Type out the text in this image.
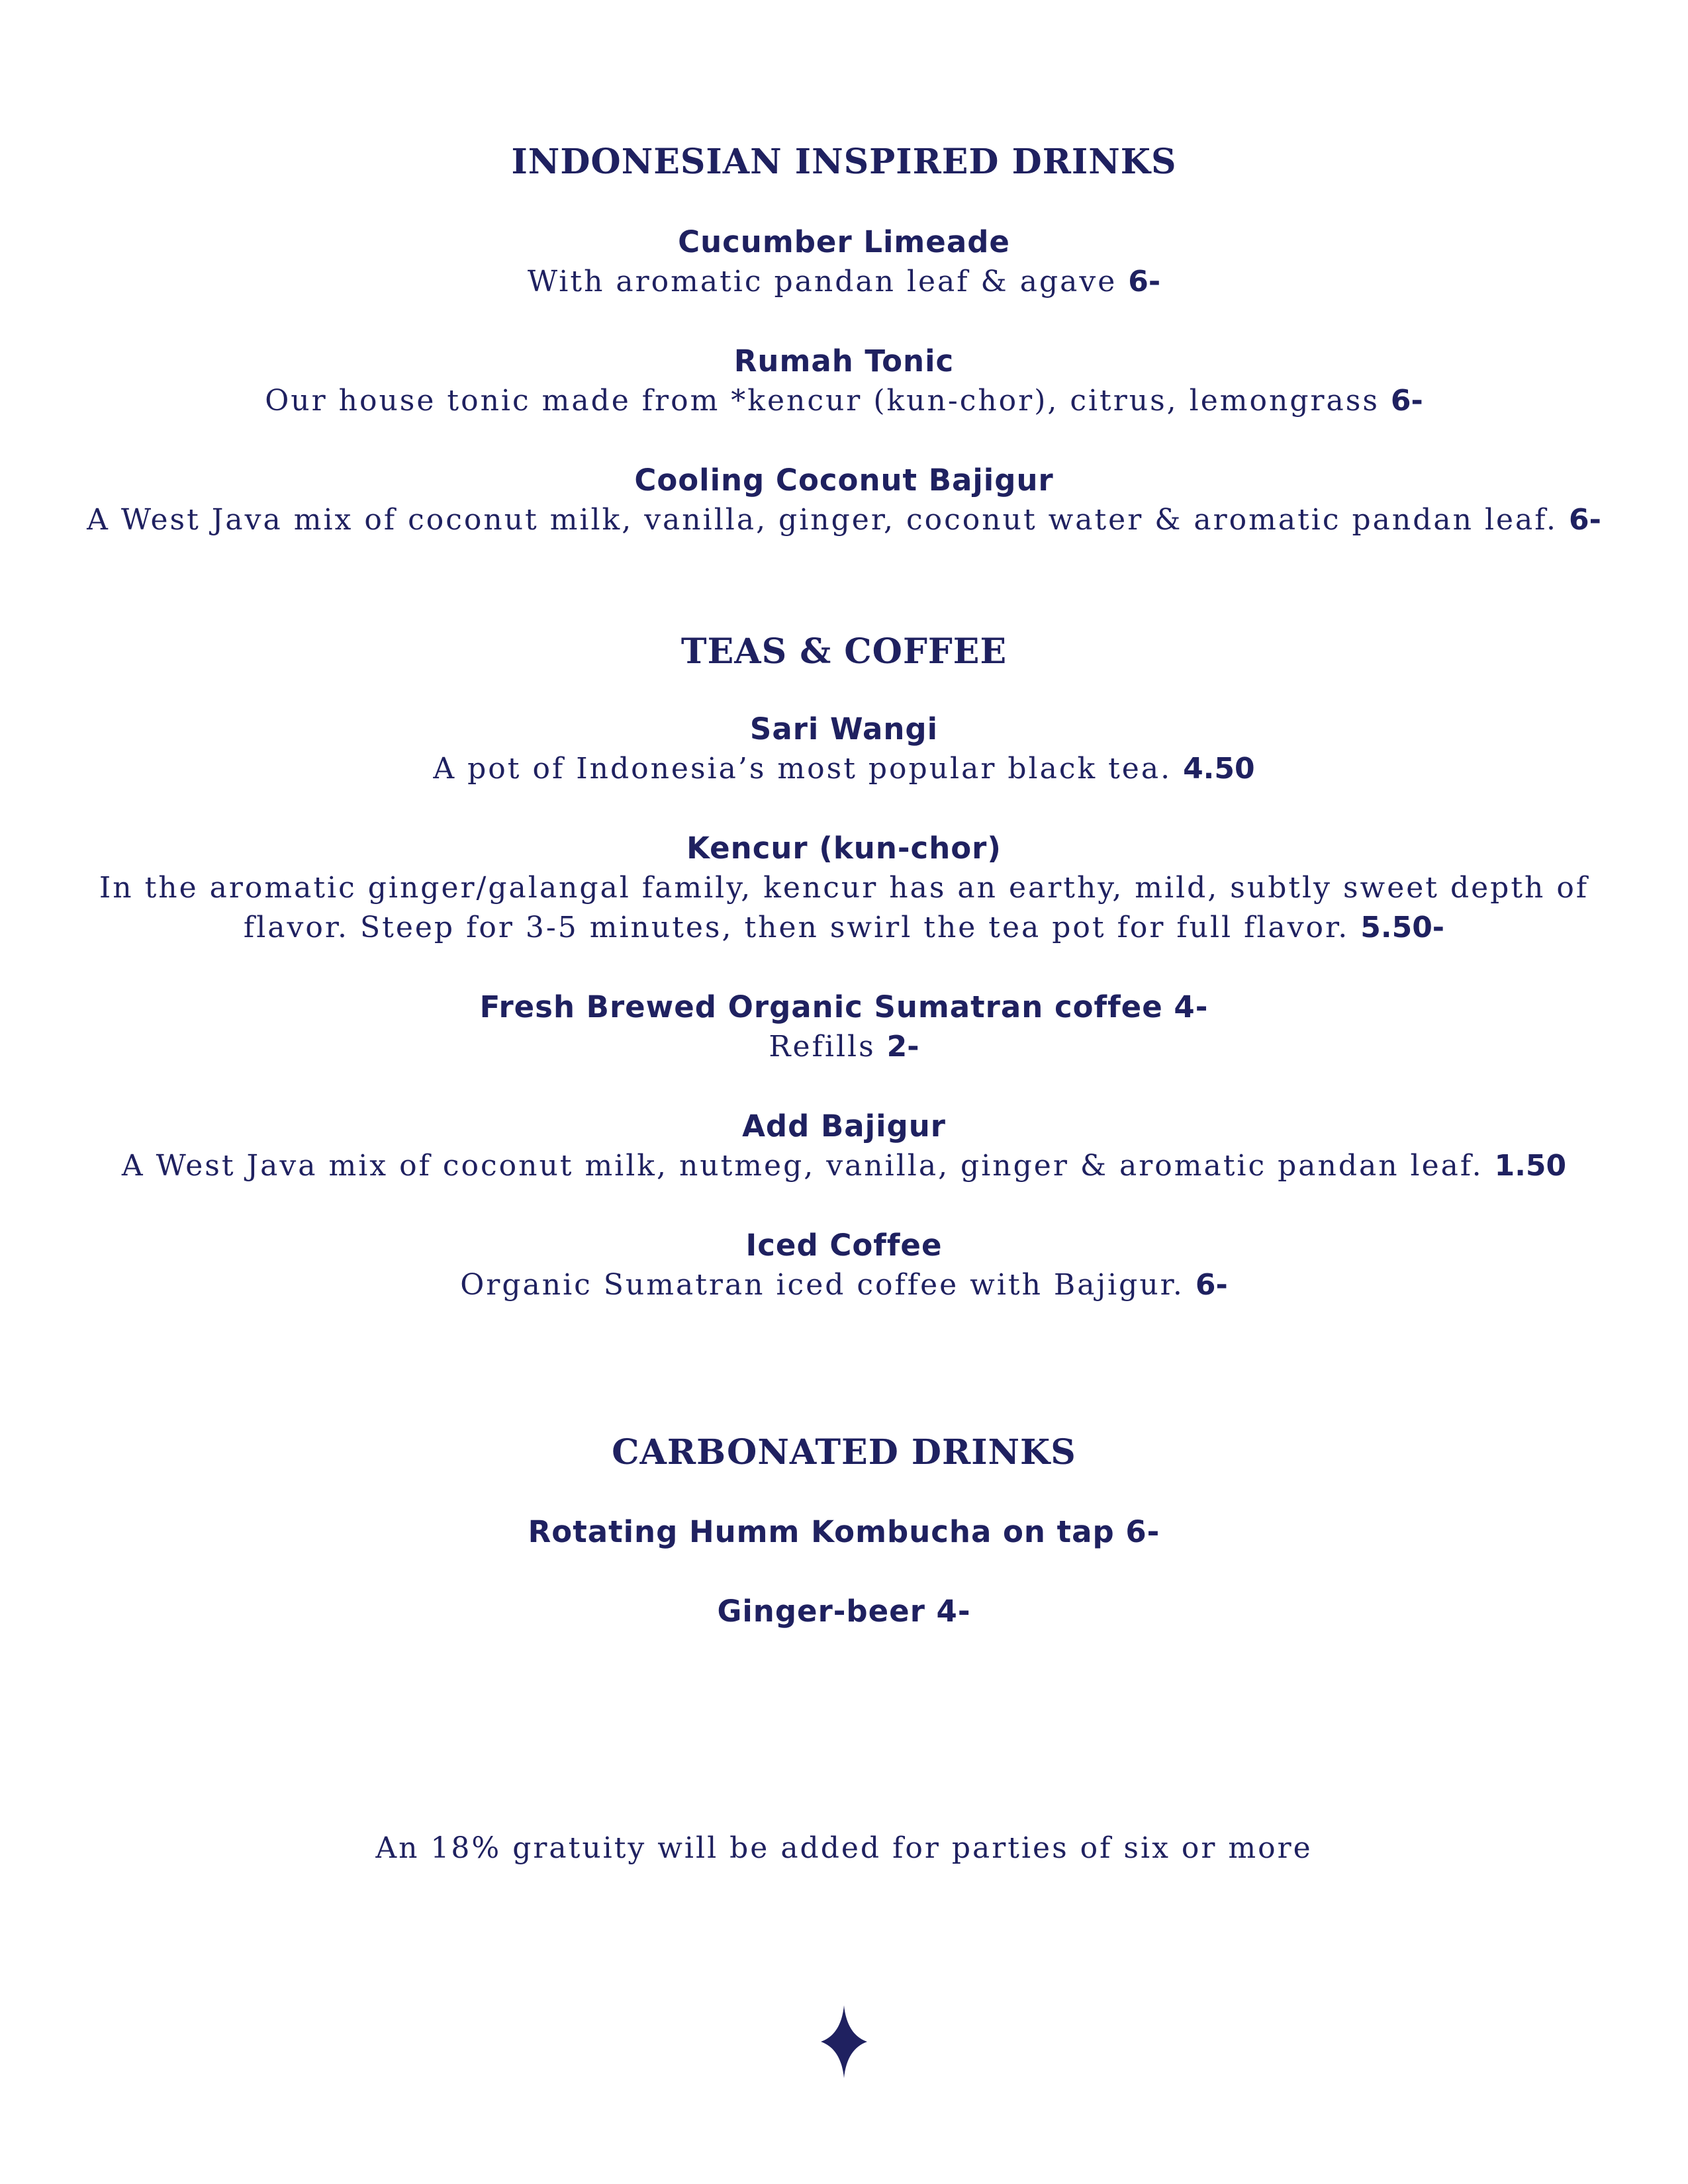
INDONESIAN INSPIRED DRINKS
Cucumber Limeade
With aromatic pandan leaf & agave 6-
Rumah Tonic
Our house tonic made from *kencur (kun-chor), citrus, lemongrass 6-
Cooling Coconut Bajigur
A West Java mix of coconut milk, vanilla, ginger, coconut water & aromatic pandan leaf. 6-
TEAS & COFFEE
Sari Wangi
A pot of Indonesia’s most popular black tea. 4.50
Kencur (kun-chor)
In the aromatic ginger/galangal family, kencur has an earthy, mild, subtly sweet depth of
flavor. Steep for 3-5 minutes, then swirl the tea pot for full flavor. 5.50-
Fresh Brewed Organic Sumatran coffee 4-
Refills 2-
Add Bajigur
A West Java mix of coconut milk, nutmeg, vanilla, ginger & aromatic pandan leaf. 1.50
Iced Coffee
Organic Sumatran iced coffee with Bajigur. 6-
CARBONATED DRINKS
Rotating Humm Kombucha on tap 6-
Ginger-beer 4-
An 18% gratuity will be added for parties of six or more
